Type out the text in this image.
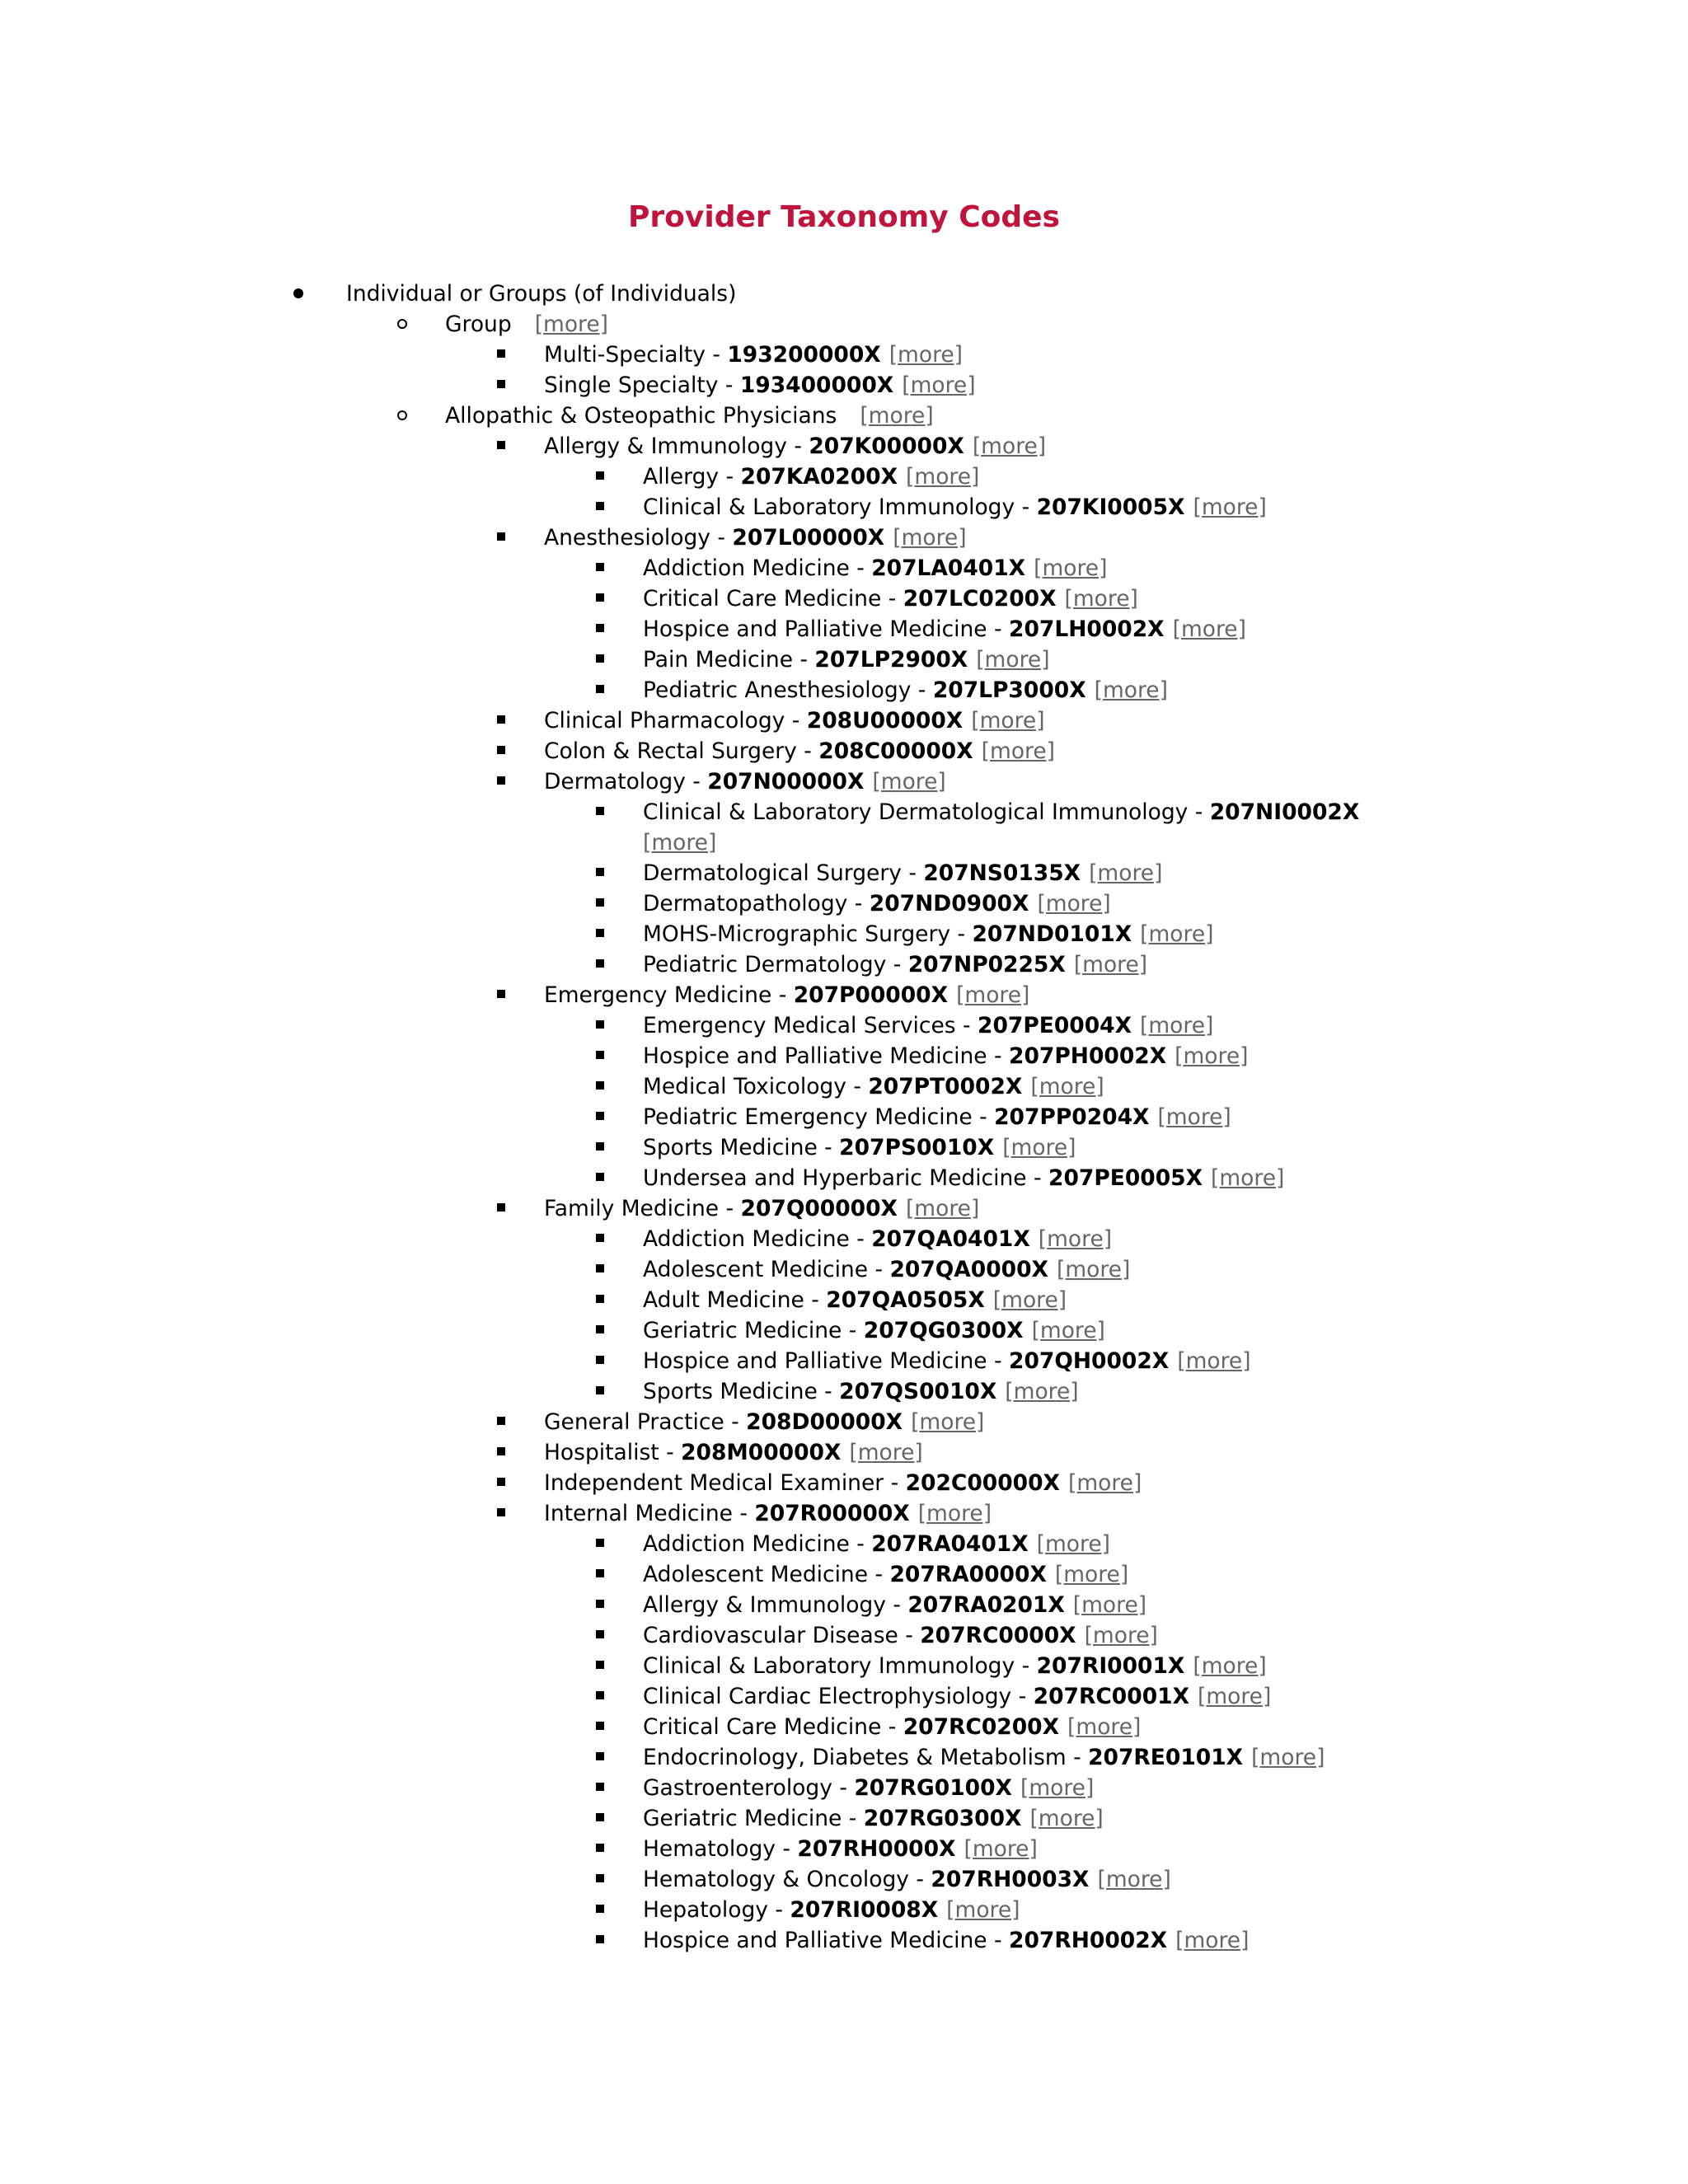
Provider Taxonomy Codes
Individual or Groups (of Individuals)
Group [more]
Multi-Specialty - 193200000X [more]
Single Specialty - 193400000X [more]
Allopathic & Osteopathic Physicians [more]
Allergy & Immunology - 207K00000X [more]
Allergy - 207KA0200X [more]
Clinical & Laboratory Immunology - 207KI0005X [more]
Anesthesiology - 207L00000X [more]
Addiction Medicine - 207LA0401X [more]
Critical Care Medicine - 207LC0200X [more]
Hospice and Palliative Medicine - 207LH0002X [more]
Pain Medicine - 207LP2900X [more]
Pediatric Anesthesiology - 207LP3000X [more]
Clinical Pharmacology - 208U00000X [more]
Colon & Rectal Surgery - 208C00000X [more]
Dermatology - 207N00000X [more]
Clinical & Laboratory Dermatological Immunology - 207NI0002X
[more]
Dermatological Surgery - 207NS0135X [more]
Dermatopathology - 207ND0900X [more]
MOHS-Micrographic Surgery - 207ND0101X [more]
Pediatric Dermatology - 207NP0225X [more]
Emergency Medicine - 207P00000X [more]
Emergency Medical Services - 207PE0004X [more]
Hospice and Palliative Medicine - 207PH0002X [more]
Medical Toxicology - 207PT0002X [more]
Pediatric Emergency Medicine - 207PP0204X [more]
Sports Medicine - 207PS0010X [more]
Undersea and Hyperbaric Medicine - 207PE0005X [more]
Family Medicine - 207Q00000X [more]
Addiction Medicine - 207QA0401X [more]
Adolescent Medicine - 207QA0000X [more]
Adult Medicine - 207QA0505X [more]
Geriatric Medicine - 207QG0300X [more]
Hospice and Palliative Medicine - 207QH0002X [more]
Sports Medicine - 207QS0010X [more]
General Practice - 208D00000X [more]
Hospitalist - 208M00000X [more]
Independent Medical Examiner - 202C00000X [more]
Internal Medicine - 207R00000X [more]
Addiction Medicine - 207RA0401X [more]
Adolescent Medicine - 207RA0000X [more]
Allergy & Immunology - 207RA0201X [more]
Cardiovascular Disease - 207RC0000X [more]
Clinical & Laboratory Immunology - 207RI0001X [more]
Clinical Cardiac Electrophysiology - 207RC0001X [more]
Critical Care Medicine - 207RC0200X [more]
Endocrinology, Diabetes & Metabolism - 207RE0101X [more]
Gastroenterology - 207RG0100X [more]
Geriatric Medicine - 207RG0300X [more]
Hematology - 207RH0000X [more]
Hematology & Oncology - 207RH0003X [more]
Hepatology - 207RI0008X [more]
Hospice and Palliative Medicine - 207RH0002X [more]
